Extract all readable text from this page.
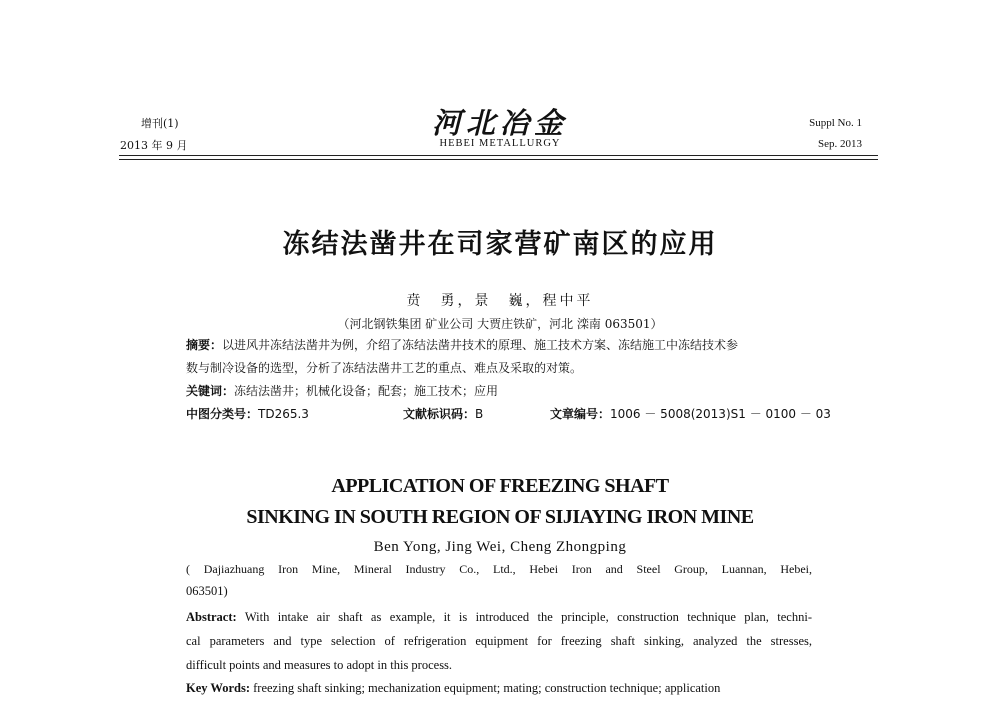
增刊(1)
2013 年 9 月
河北冶金
HEBEI METALLURGY
Suppl No. 1
Sep. 2013
冻结法凿井在司家营矿南区的应用
贲　勇，景　巍，程中平
（河北钢铁集团 矿业公司 大贾庄铁矿，河北 滦南 063501）
摘要：以进风井冻结法凿井为例，介绍了冻结法凿井技术的原理、施工技术方案、冻结施工中冻结技术参
数与制冷设备的选型，分析了冻结法凿井工艺的重点、难点及采取的对策。
关键词：冻结法凿井；机械化设备；配套；施工技术；应用
中图分类号：TD265.3	文献标识码：B	文章编号：1006 － 5008(2013)S1 － 0100 － 03
APPLICATION OF FREEZING SHAFT
SINKING IN SOUTH REGION OF SIJIAYING IRON MINE
Ben Yong, Jing Wei, Cheng Zhongping
( Dajiazhuang Iron Mine, Mineral Industry Co., Ltd., Hebei Iron and Steel Group, Luannan, Hebei,
063501)
Abstract: With intake air shaft as example, it is introduced the principle, construction technique plan, techni-
cal parameters and type selection of refrigeration equipment for freezing shaft sinking, analyzed the stresses,
difficult points and measures to adopt in this process.
Key Words: freezing shaft sinking; mechanization equipment; mating; construction technique; application
